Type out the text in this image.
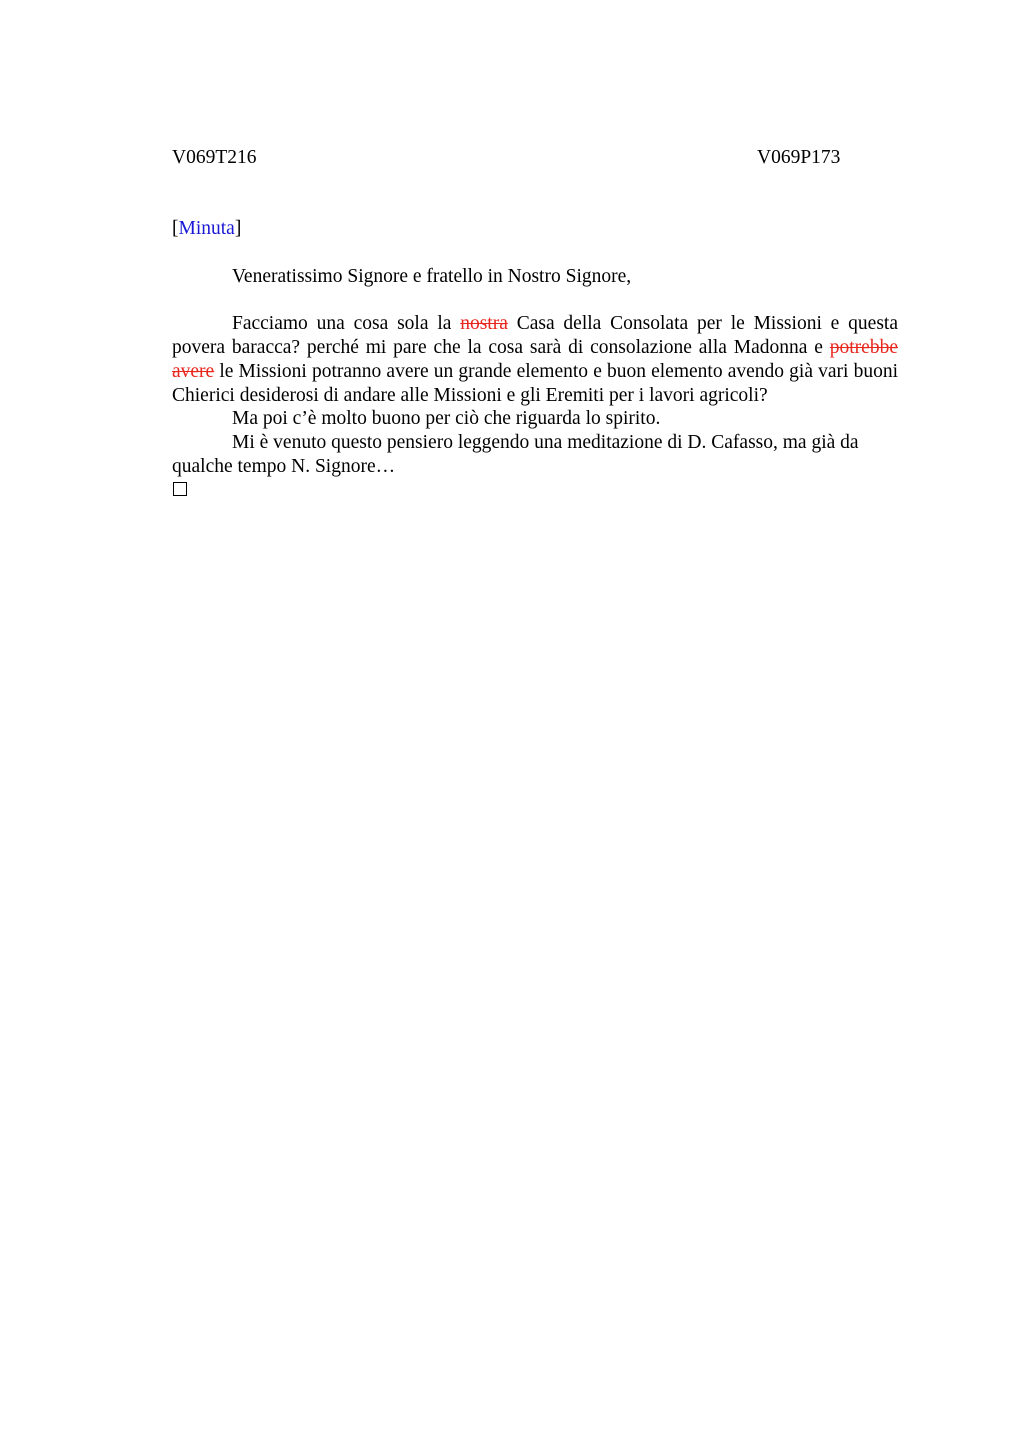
V069T216	V069P173
[Minuta]

Veneratissimo Signore e fratello in Nostro Signore,

Facciamo una cosa sola la nostra Casa della Consolata per le Missioni e questa povera baracca? perché mi pare che la cosa sarà di consolazione alla Madonna e potrebbe avere le Missioni potranno avere un grande elemento e buon elemento avendo già vari buoni Chierici desiderosi di andare alle Missioni e gli Eremiti per i lavori agricoli?

Ma poi c’è molto buono per ciò che riguarda lo spirito.

Mi è venuto questo pensiero leggendo una meditazione di D. Cafasso, ma già da qualche tempo N. Signore…
